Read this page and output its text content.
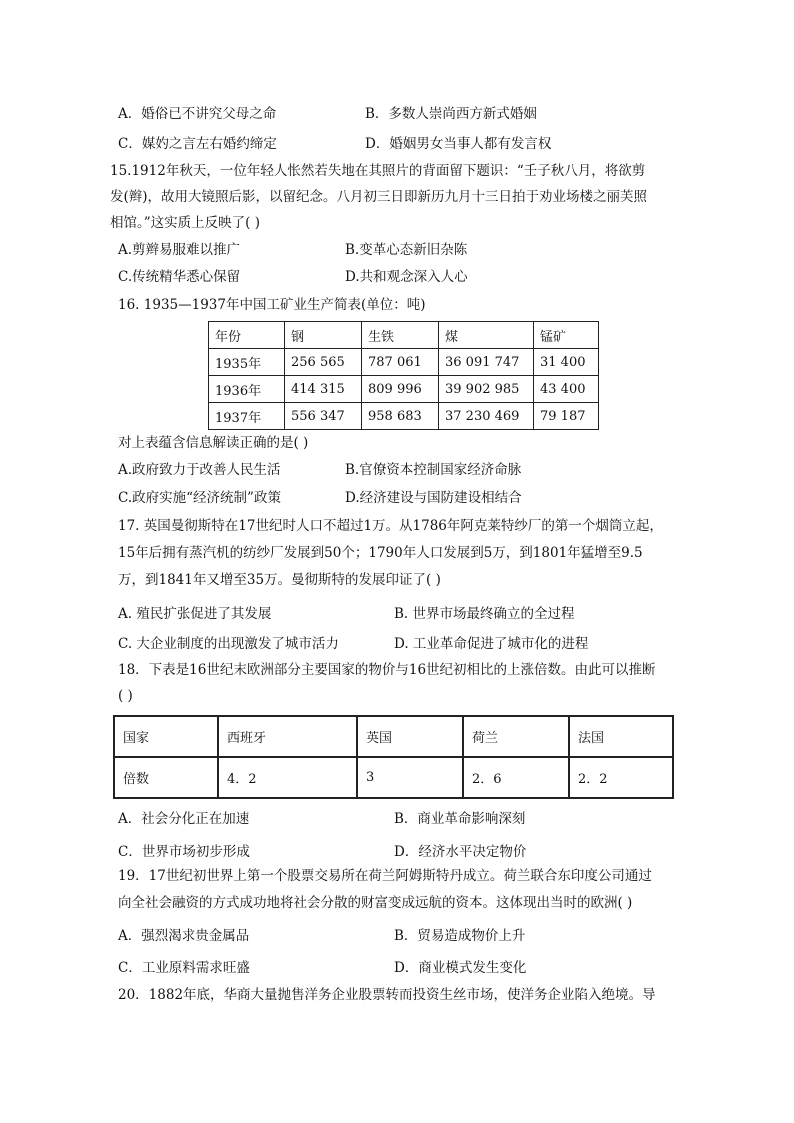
A．婚俗已不讲究父母之命	B．多数人崇尚西方新式婚姻
C．媒妁之言左右婚约缔定	D．婚姻男女当事人都有发言权
15.1912年秋天，一位年轻人怅然若失地在其照片的背面留下题识：“壬子秋八月，将欲剪
发(辫)，故用大镜照后影，以留纪念。八月初三日即新历九月十三日拍于劝业场楼之丽芙照
相馆。”这实质上反映了( )
A.剪辫易服难以推广	B.变革心态新旧杂陈
C.传统精华悉心保留	D.共和观念深入人心
16. 1935—1937年中国工矿业生产简表(单位：吨)
年份	钢	生铁	煤	锰矿
1935年	256 565	787 061	36 091 747	31 400
1936年	414 315	809 996	39 902 985	43 400
1937年	556 347	958 683	37 230 469	79 187
对上表蕴含信息解读正确的是( )
A.政府致力于改善人民生活	B.官僚资本控制国家经济命脉
C.政府实施“经济统制”政策	D.经济建设与国防建设相结合
17. 英国曼彻斯特在17世纪时人口不超过1万。从1786年阿克莱特纱厂的第一个烟筒立起，
15年后拥有蒸汽机的纺纱厂发展到50个；1790年人口发展到5万，到1801年猛增至9.5
万，到1841年又增至35万。曼彻斯特的发展印证了( )
A. 殖民扩张促进了其发展	B. 世界市场最终确立的全过程
C. 大企业制度的出现激发了城市活力	D. 工业革命促进了城市化的进程
18．下表是16世纪末欧洲部分主要国家的物价与16世纪初相比的上涨倍数。由此可以推断
( )
国家	西班牙	英国	荷兰	法国
倍数	4．2	3	2．6	2．2
A．社会分化正在加速	B．商业革命影响深刻
C．世界市场初步形成	D．经济水平决定物价
19．17世纪初世界上第一个股票交易所在荷兰阿姆斯特丹成立。荷兰联合东印度公司通过
向全社会融资的方式成功地将社会分散的财富变成远航的资本。这体现出当时的欧洲( )
A．强烈渴求贵金属品	B．贸易造成物价上升
C．工业原料需求旺盛	D．商业模式发生变化
20．1882年底，华商大量抛售洋务企业股票转而投资生丝市场，使洋务企业陷入绝境。导
